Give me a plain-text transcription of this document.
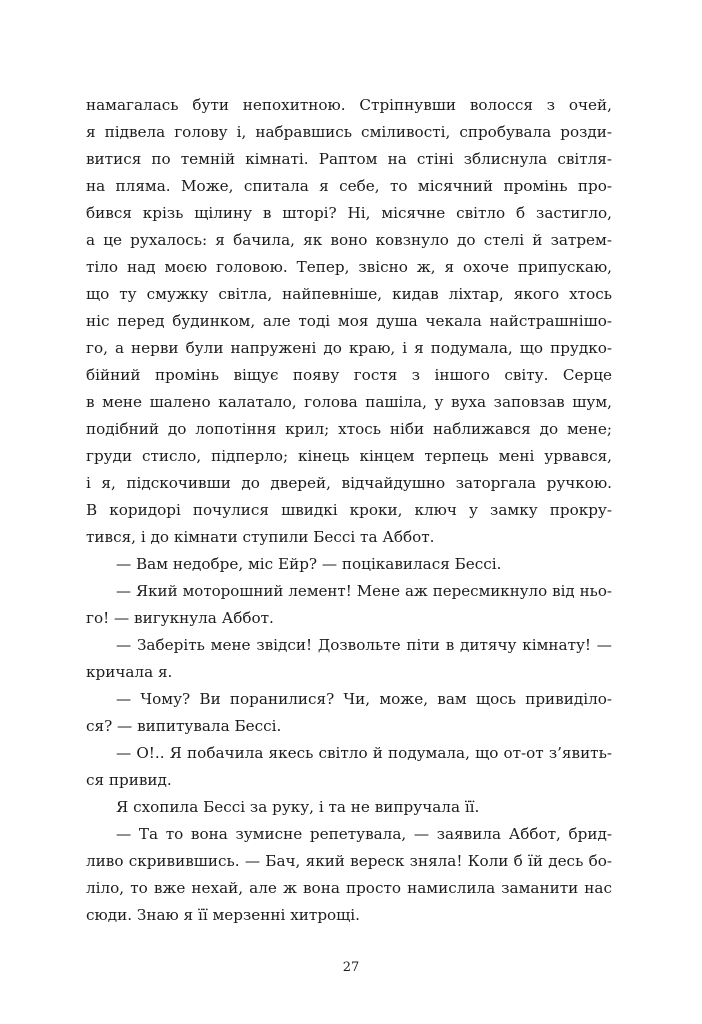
намагалась бути непохитною. Стріпнувши волосся з очей,
я підвела голову і, набравшись сміливості, спробувала розди-
витися по темній кімнаті. Раптом на стіні зблиснула світля-
на пляма. Може, спитала я себе, то місячний промінь про-
бився крізь щілину в шторі? Ні, місячне світло б застигло,
а це рухалось: я бачила, як воно ковзнуло до стелі й затрем-
тіло над моєю головою. Тепер, звісно ж, я охоче припускаю,
що ту смужку світла, найпевніше, кидав ліхтар, якого хтось
ніс перед будинком, але тоді моя душа чекала найстрашнішо-
го, а нерви були напружені до краю, і я подумала, що прудко-
бійний промінь віщує появу гостя з іншого світу. Серце
в мене шалено калатало, голова пашіла, у вуха заповзав шум,
подібний до лопотіння крил; хтось ніби наближався до мене;
груди стисло, підперло; кінець кінцем терпець мені урвався,
і я, підскочивши до дверей, відчайдушно заторгала ручкою.
В коридорі почулися швидкі кроки, ключ у замку прокру-
тився, і до кімнати ступили Бессі та Аббот.
— Вам недобре, міс Ейр? — поцікавилася Бессі.
— Який моторошний лемент! Мене аж пересмикнуло від ньо-
го! — вигукнула Аббот.
— Заберіть мене звідси! Дозвольте піти в дитячу кімнату! —
кричала я.
— Чому? Ви поранилися? Чи, може, вам щось привиділо-
ся? — випитувала Бессі.
— О!.. Я побачила якесь світло й подумала, що от-от з’явить-
ся привид.
Я схопила Бессі за руку, і та не випручала її.
— Та то вона зумисне репетувала, — заявила Аббот, брид-
ливо скривившись. — Бач, який вереск зняла! Коли б їй десь бо-
ліло, то вже нехай, але ж вона просто намислила заманити нас
сюди. Знаю я її мерзенні хитрощі.
27
